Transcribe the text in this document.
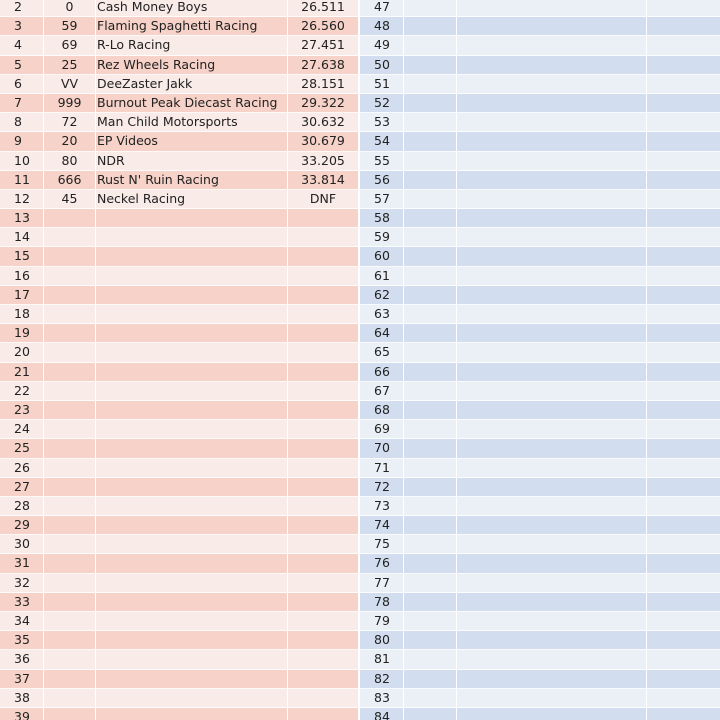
2	0	Cash Money Boys	26.511
3	59	Flaming Spaghetti Racing	26.560
4	69	R-Lo Racing	27.451
5	25	Rez Wheels Racing	27.638
6	VV	DeeZaster Jakk	28.151
7	999	Burnout Peak Diecast Racing	29.322
8	72	Man Child Motorsports	30.632
9	20	EP Videos	30.679
10	80	NDR	33.205
11	666	Rust N' Ruin Racing	33.814
12	45	Neckel Racing	DNF
13
14
15
16
17
18
19
20
21
22
23
24
25
26
27
28
29
30
31
32
33
34
35
36
37
38
39
47
48
49
50
51
52
53
54
55
56
57
58
59
60
61
62
63
64
65
66
67
68
69
70
71
72
73
74
75
76
77
78
79
80
81
82
83
84
